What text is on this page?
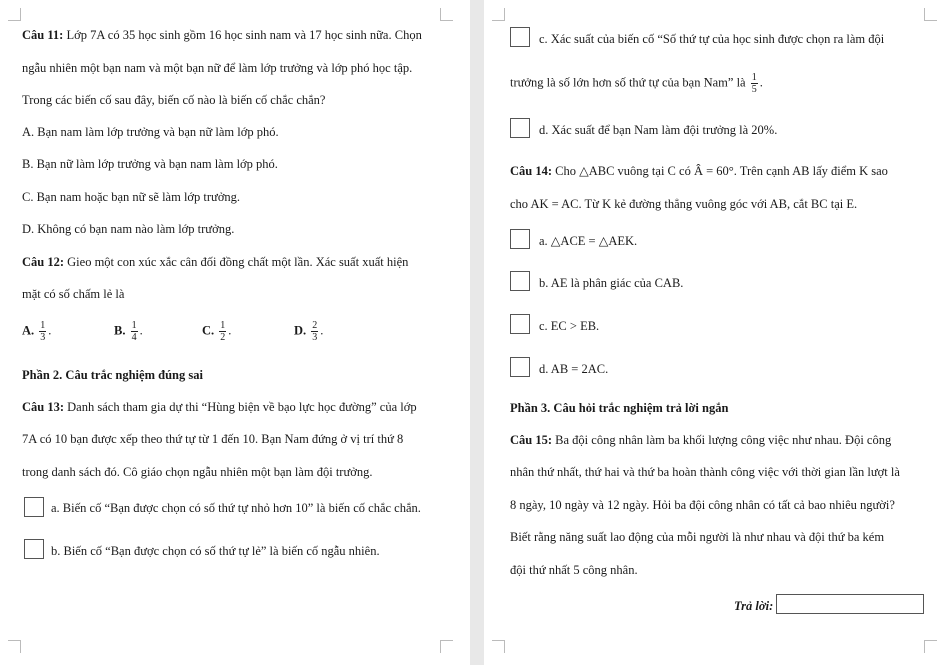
Câu 11: Lớp 7A có 35 học sinh gồm 16 học sinh nam và 17 học sinh nữa. Chọn
ngẫu nhiên một bạn nam và một bạn nữ để làm lớp trưởng và lớp phó học tập.
Trong các biến cố sau đây, biến cố nào là biến cố chắc chắn?
A. Bạn nam làm lớp trưởng và bạn nữ làm lớp phó.
B. Bạn nữ làm lớp trưởng và bạn nam làm lớp phó.
C. Bạn nam hoặc bạn nữ sẽ làm lớp trưởng.
D. Không có bạn nam nào làm lớp trưởng.
Câu 12: Gieo một con xúc xắc cân đối đồng chất một lần. Xác suất xuất hiện
mặt có số chấm lẻ là
A. $\frac{1}{3}$ .	B. $\frac{1}{4}$ .	C. $\frac{1}{2}$ .	D. $\frac{2}{3}$ .
Phần 2. Câu trắc nghiệm đúng sai
Câu 13: Danh sách tham gia dự thi “Hùng biện về bạo lực học đường” của lớp
7A có 10 bạn được xếp theo thứ tự từ 1 đến 10. Bạn Nam đứng ở vị trí thứ 8
trong danh sách đó. Cô giáo chọn ngẫu nhiên một bạn làm đội trưởng.
a. Biến cố “Bạn được chọn có số thứ tự nhỏ hơn 10” là biến cố chắc chắn.
b. Biến cố “Bạn được chọn có số thứ tự lẻ” là biến cố ngẫu nhiên.
c. Xác suất của biến cố “Số thứ tự của học sinh được chọn ra làm đội
trưởng là số lớn hơn số thứ tự của bạn Nam” là $\frac{1}{5}$ .
d. Xác suất để bạn Nam làm đội trưởng là 20%.
Câu 14: Cho △ABC vuông tại C có Â = 60°. Trên cạnh AB lấy điểm K sao
cho AK = AC. Từ K kẻ đường thẳng vuông góc với AB, cắt BC tại E.
a. △ACE = △AEK.
b. AE là phân giác của CAB.
c. EC > EB.
d. AB = 2AC.
Phần 3. Câu hỏi trắc nghiệm trả lời ngắn
Câu 15: Ba đội công nhân làm ba khối lượng công việc như nhau. Đội công
nhân thứ nhất, thứ hai và thứ ba hoàn thành công việc với thời gian lần lượt là
8 ngày, 10 ngày và 12 ngày. Hỏi ba đội công nhân có tất cả bao nhiêu người?
Biết rằng năng suất lao động của mỗi người là như nhau và đội thứ ba kém
đội thứ nhất 5 công nhân.
Trả lời:
